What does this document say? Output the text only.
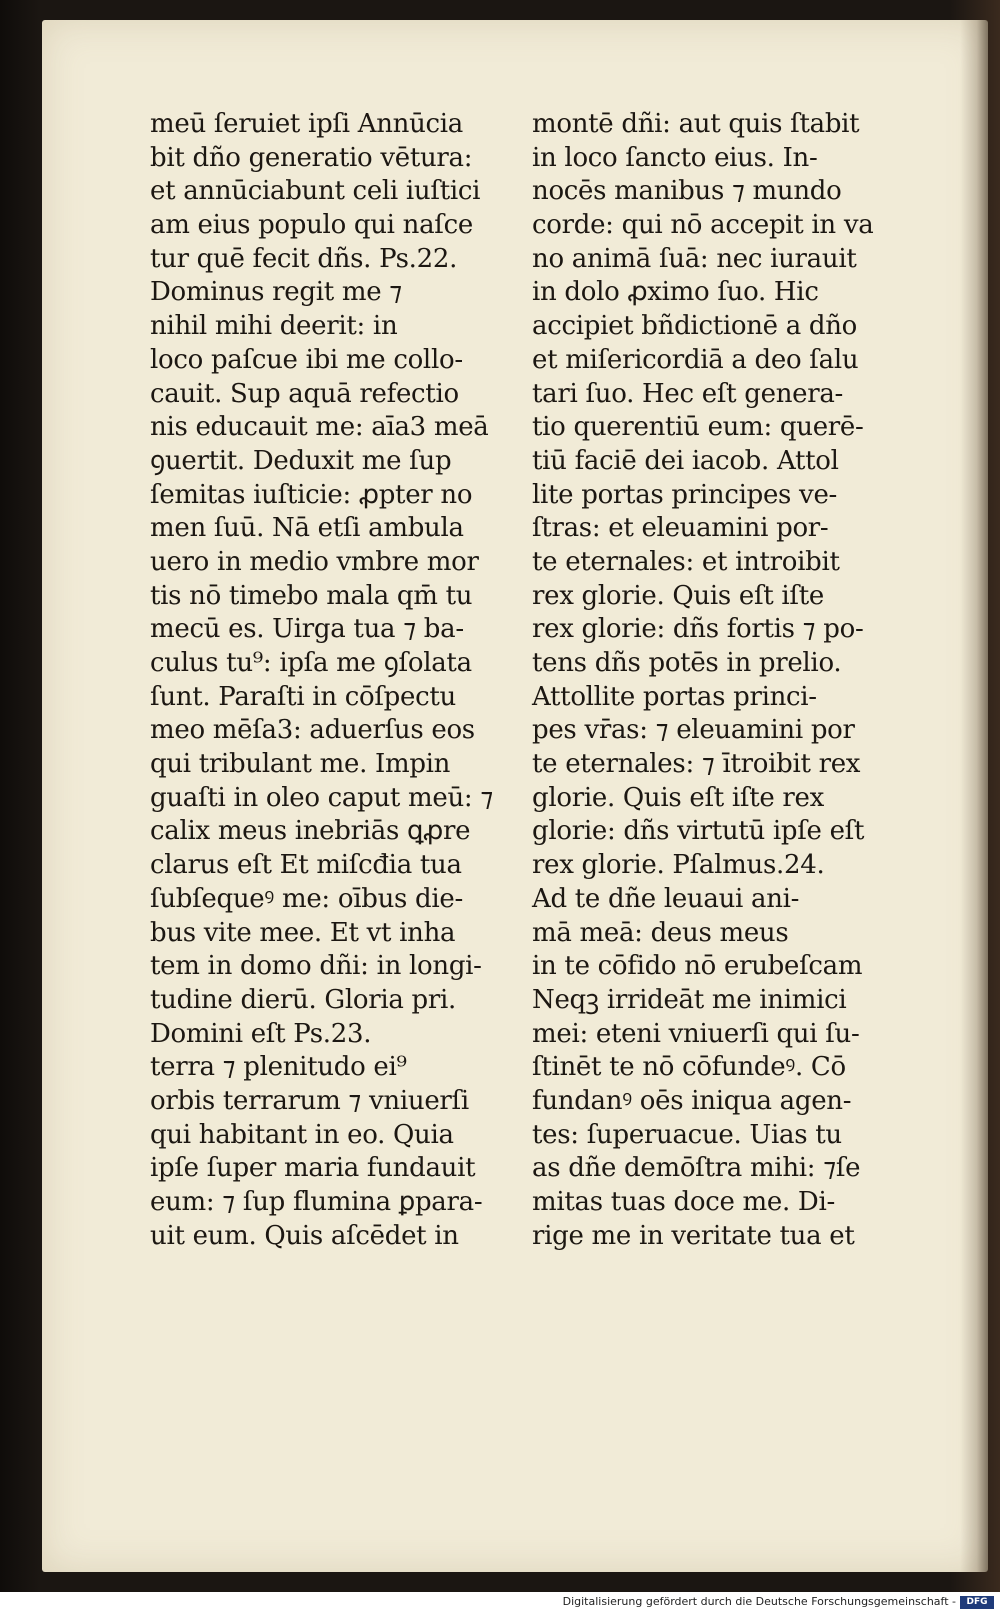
meū ſeruiet ipſi Annūcia
bit dño generatio vētura:
et annūciabunt celi iuſtici
am eius populo qui naſce
tur quē fecit dñs. Ps.22.
Dominus regit me ⁊
nihil mihi deerit: in
loco paſcue ibi me collo-
cauit. Sup aquā refectio
nis educauit me: aīa3 meā
ꝯuertit. Deduxit me ſup
ſemitas iuſticie: ꝓpter no
men ſuū. Nā etſi ambula
uero in medio vmbre mor
tis nō timebo mala qm̄ tu
mecū es. Uirga tua ⁊ ba-
culus tu⁹: ipſa me ꝯſolata
ſunt. Paraſti in cōſpectu
meo mēſa3: aduerſus eos
qui tribulant me. Impin
guaſti in oleo caput meū: ⁊
calix meus inebriās ꝗꝓre
clarus eſt Et miſcđia tua
ſubſequeꝰ me: oībus die-
bus vite mee. Et vt inha
tem in domo dñi: in longi-
tudine dierū. Gloria pri.
Domini eſt Ps.23.
terra ⁊ plenitudo ei⁹
orbis terrarum ⁊ vniuerſi
qui habitant in eo. Quia
ipſe ſuper maria fundauit
eum: ⁊ ſup flumina ꝑpara-
uit eum. Quis aſcēdet in
montē dñi: aut quis ſtabit
in loco ſancto eius. In-
nocēs manibus ⁊ mundo
corde: qui nō accepit in va
no animā ſuā: nec iurauit
in dolo ꝓximo ſuo. Hic
accipiet bñdictionē a dño
et miſericordiā a deo ſalu
tari ſuo. Hec eſt genera-
tio querentiū eum: querē-
tiū faciē dei iacob. Attol
lite portas principes ve-
ſtras: et eleuamini por-
te eternales: et introibit
rex glorie. Quis eſt iſte
rex glorie: dñs fortis ⁊ po-
tens dñs potēs in prelio.
Attollite portas princi-
pes vr̄as: ⁊ eleuamini por
te eternales: ⁊ ītroibit rex
glorie. Quis eſt iſte rex
glorie: dñs virtutū ipſe eſt
rex glorie. Pſalmus.24.
Ad te dñe leuaui ani-
mā meā: deus meus
in te cōfido nō erubeſcam
Neqꝫ irrideāt me inimici
mei: eteni vniuerſi qui ſu-
ſtinēt te nō cōfundeꝰ. Cō
fundanꝰ oēs iniqua agen-
tes: ſuperuacue. Uias tu
as dñe demōſtra mihi: ⁊ſe
mitas tuas doce me. Di-
rige me in veritate tua et
Digitalisierung gefördert durch die Deutsche Forschungsgemeinschaft -	DFG
